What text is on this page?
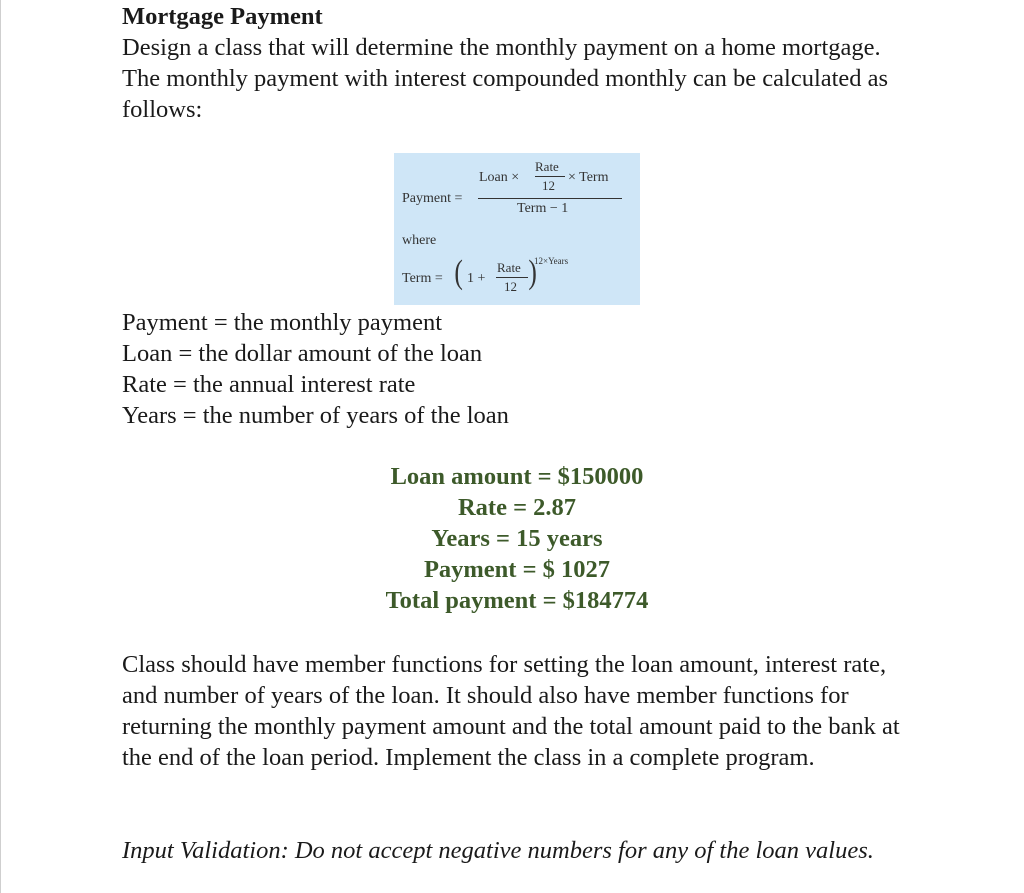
Mortgage Payment
Design a class that will determine the monthly payment on a home mortgage. The monthly payment with interest compounded monthly can be calculated as follows:
Loan ×
Rate
12
× Term
Payment =
Term − 1
where
Term = ( 1 +
Rate
12 )
12×Years
Payment = the monthly payment
Loan = the dollar amount of the loan
Rate = the annual interest rate
Years = the number of years of the loan
Loan amount = $150000
Rate = 2.87
Years = 15 years
Payment = $ 1027
Total payment = $184774
Class should have member functions for setting the loan amount, interest rate, and number of years of the loan. It should also have member functions for returning the monthly payment amount and the total amount paid to the bank at the end of the loan period. Implement the class in a complete program.
Input Validation: Do not accept negative numbers for any of the loan values.
